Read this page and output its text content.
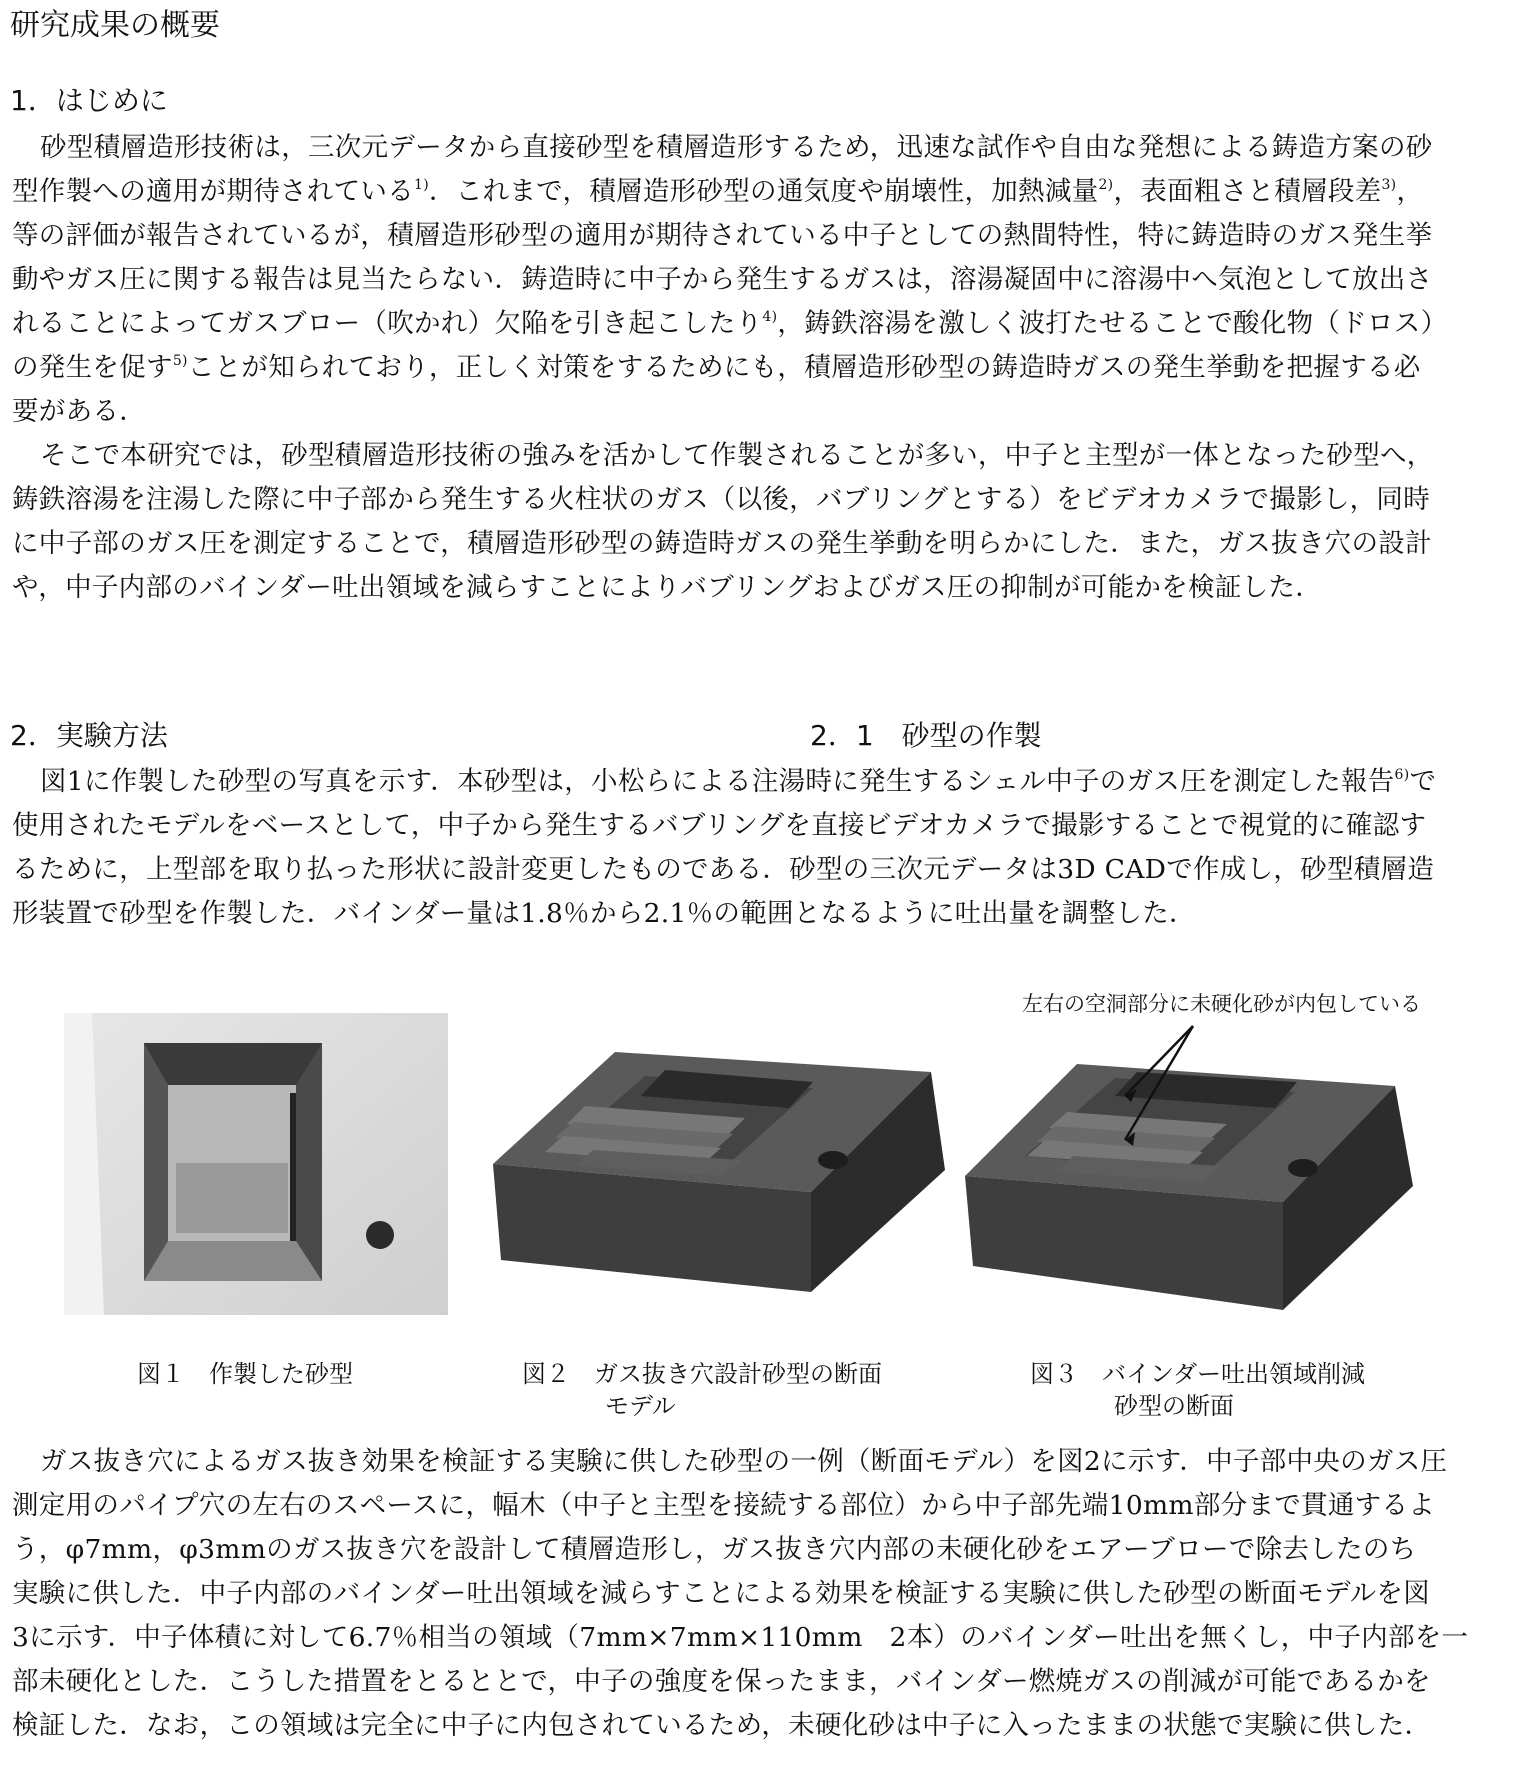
研究成果の概要
1．はじめに
砂型積層造形技術は，三次元データから直接砂型を積層造形するため，迅速な試作や自由な発想による鋳造方案の砂
型作製への適用が期待されている$^{1)}$．これまで，積層造形砂型の通気度や崩壊性，加熱減量$^{2)}$，表面粗さと積層段差$^{3)}$，
等の評価が報告されているが，積層造形砂型の適用が期待されている中子としての熱間特性，特に鋳造時のガス発生挙
動やガス圧に関する報告は見当たらない．鋳造時に中子から発生するガスは，溶湯凝固中に溶湯中へ気泡として放出さ
れることによってガスブロー（吹かれ）欠陥を引き起こしたり$^{4)}$，鋳鉄溶湯を激しく波打たせることで酸化物（ドロス）
の発生を促す$^{5)}$ことが知られており，正しく対策をするためにも，積層造形砂型の鋳造時ガスの発生挙動を把握する必
要がある．
そこで本研究では，砂型積層造形技術の強みを活かして作製されることが多い，中子と主型が一体となった砂型へ，
鋳鉄溶湯を注湯した際に中子部から発生する火柱状のガス（以後，バブリングとする）をビデオカメラで撮影し，同時
に中子部のガス圧を測定することで，積層造形砂型の鋳造時ガスの発生挙動を明らかにした．また，ガス抜き穴の設計
や，中子内部のバインダー吐出領域を減らすことによりバブリングおよびガス圧の抑制が可能かを検証した．
2．実験方法	2．1　砂型の作製
図1に作製した砂型の写真を示す．本砂型は，小松らによる注湯時に発生するシェル中子のガス圧を測定した報告$^{6)}$で
使用されたモデルをベースとして，中子から発生するバブリングを直接ビデオカメラで撮影することで視覚的に確認す
るために，上型部を取り払った形状に設計変更したものである．砂型の三次元データは3D CADで作成し，砂型積層造
形装置で砂型を作製した．バインダー量は1.8％から2.1％の範囲となるように吐出量を調整した．
左右の空洞部分に未硬化砂が内包している
図１　作製した砂型	図２　ガス抜き穴設計砂型の断面
モデル
図３　バインダー吐出領域削減
砂型の断面
ガス抜き穴によるガス抜き効果を検証する実験に供した砂型の一例（断面モデル）を図2に示す．中子部中央のガス圧
測定用のパイプ穴の左右のスペースに，幅木（中子と主型を接続する部位）から中子部先端10mm部分まで貫通するよ
う，φ7mm，φ3mmのガス抜き穴を設計して積層造形し，ガス抜き穴内部の未硬化砂をエアーブローで除去したのち
実験に供した．中子内部のバインダー吐出領域を減らすことによる効果を検証する実験に供した砂型の断面モデルを図
3に示す．中子体積に対して6.7％相当の領域（7mm×7mm×110mm　2本）のバインダー吐出を無くし，中子内部を一
部未硬化とした．こうした措置をとるととで，中子の強度を保ったまま，バインダー燃焼ガスの削減が可能であるかを
検証した．なお，この領域は完全に中子に内包されているため，未硬化砂は中子に入ったままの状態で実験に供した．
